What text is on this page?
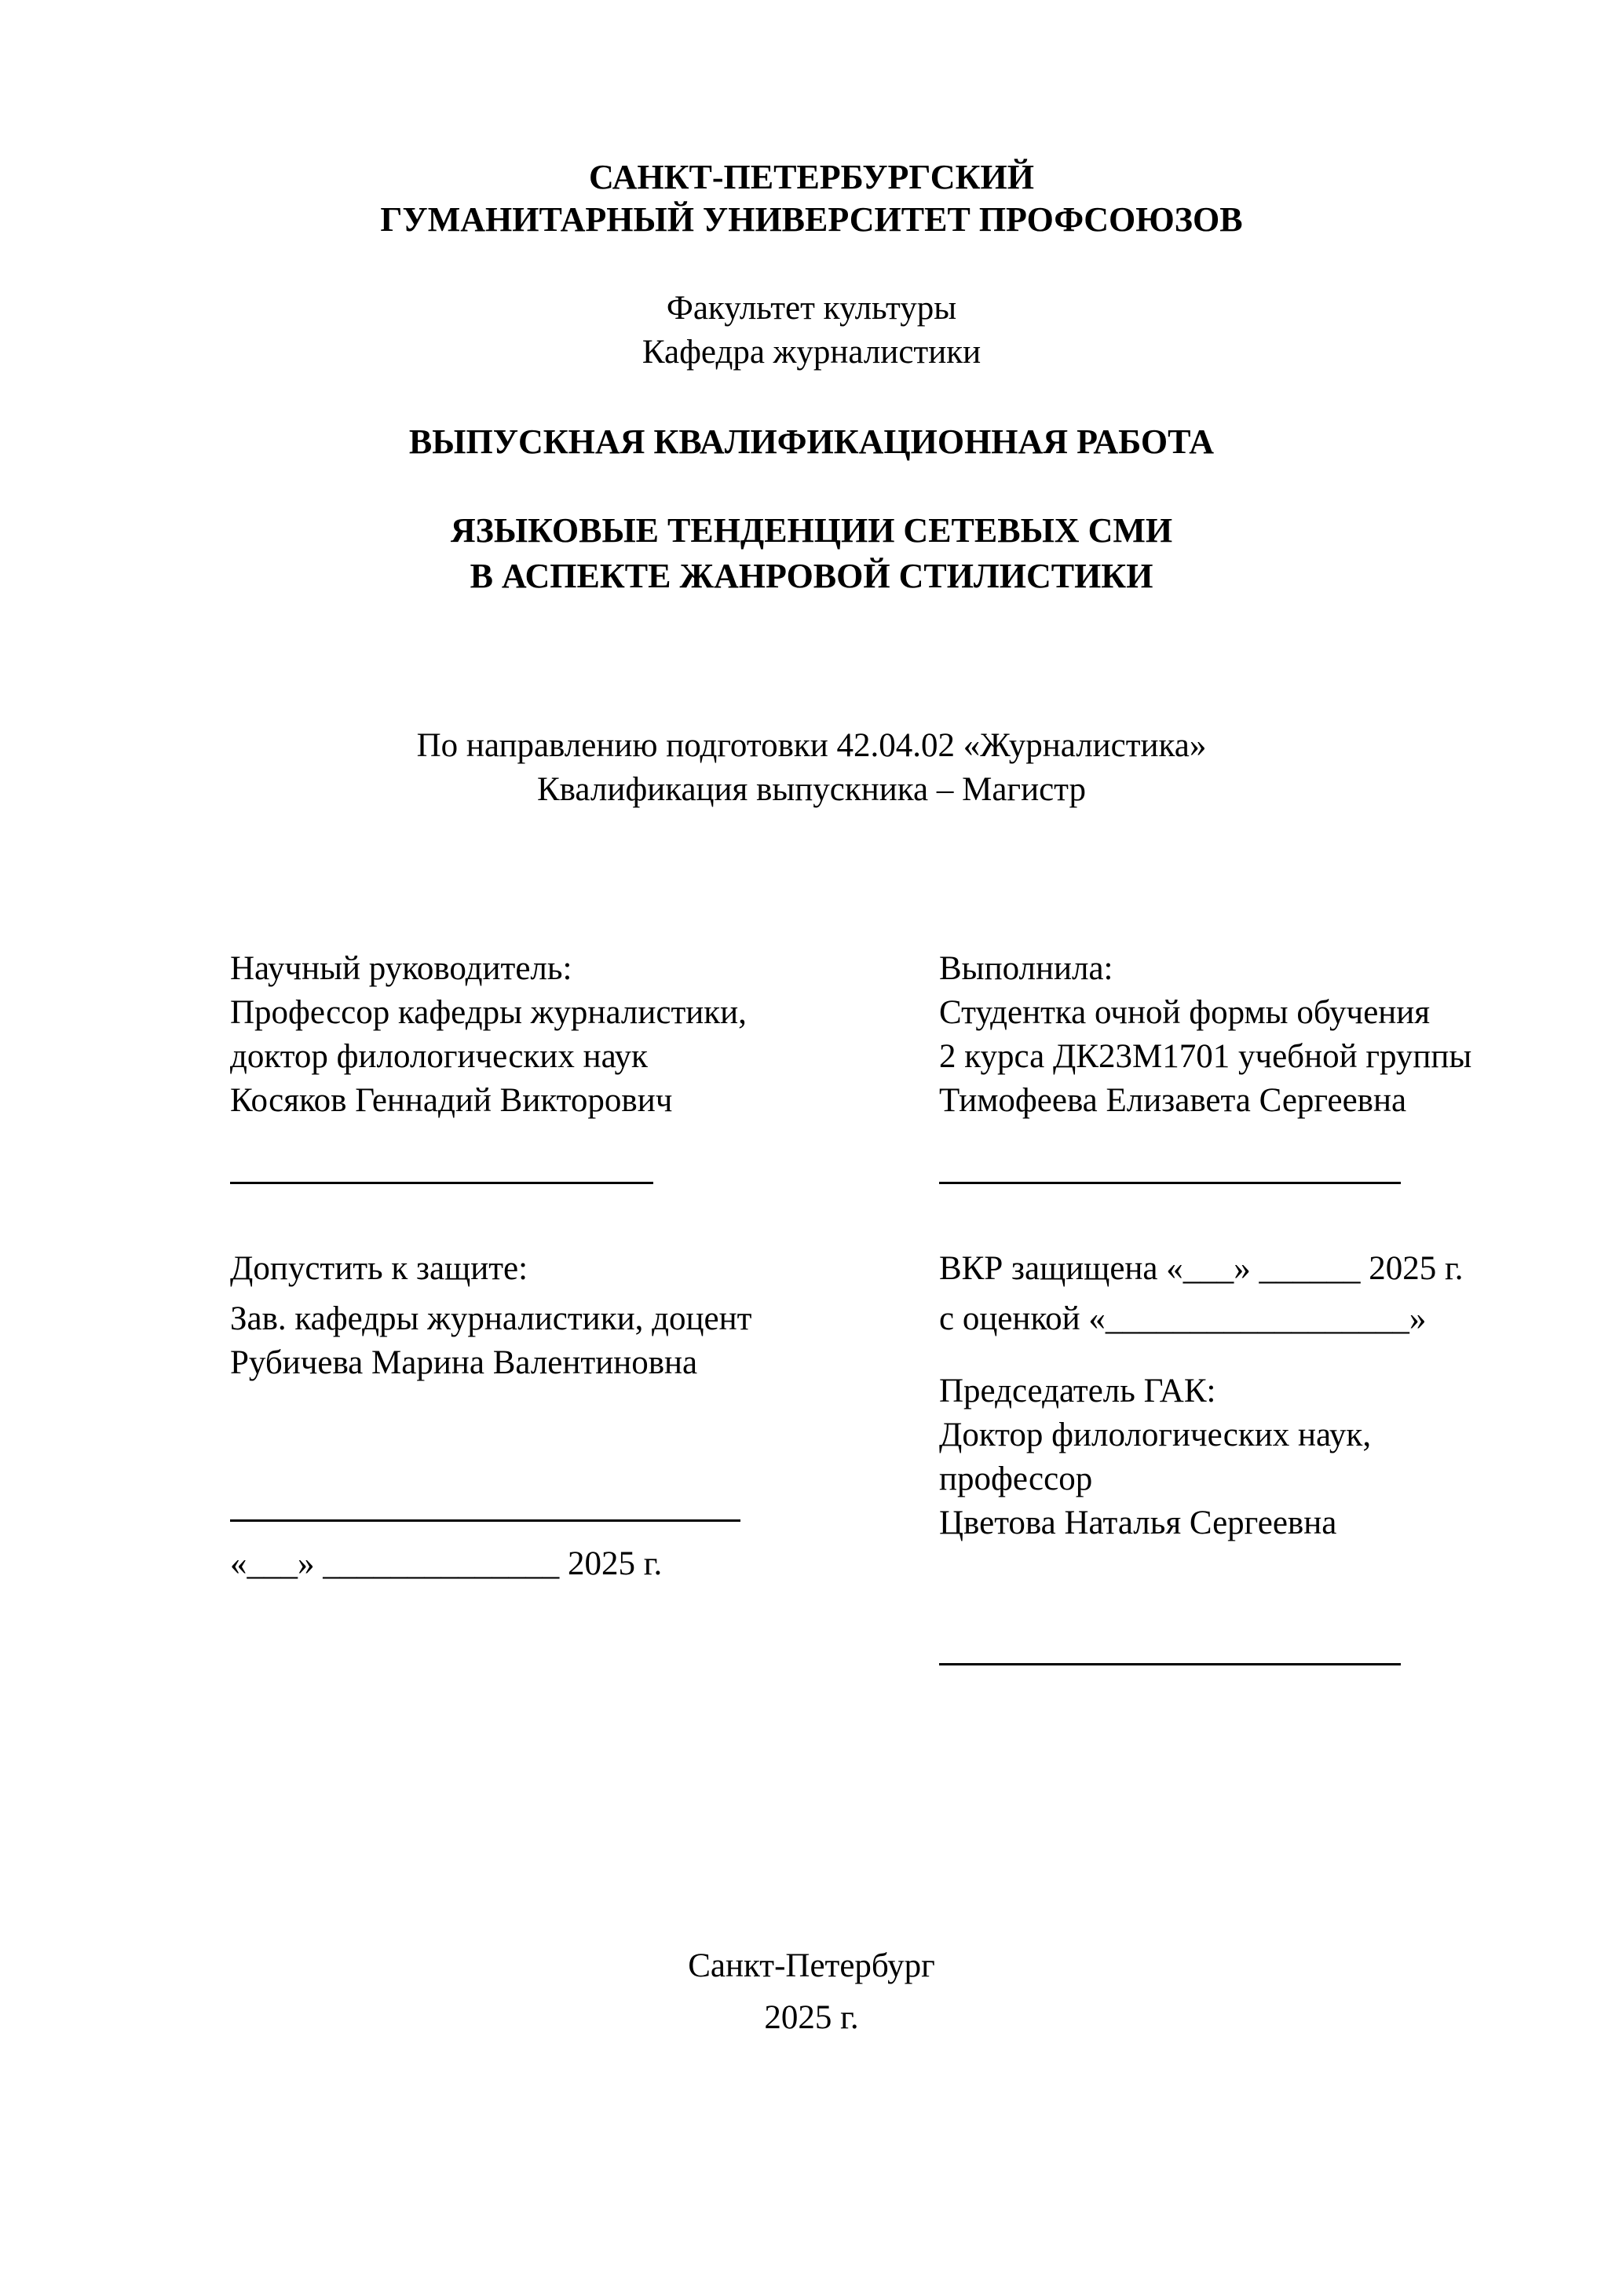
САНКТ-ПЕТЕРБУРГСКИЙ
ГУМАНИТАРНЫЙ УНИВЕРСИТЕТ ПРОФСОЮЗОВ
Факультет культуры
Кафедра журналистики
ВЫПУСКНАЯ КВАЛИФИКАЦИОННАЯ РАБОТА
ЯЗЫКОВЫЕ ТЕНДЕНЦИИ СЕТЕВЫХ СМИ
В АСПЕКТЕ ЖАНРОВОЙ СТИЛИСТИКИ
По направлению подготовки 42.04.02 «Журналистика»
Квалификация выпускника – Магистр
Научный руководитель:
Профессор кафедры журналистики,
доктор филологических наук
Косяков Геннадий Викторович
Выполнила:
Студентка очной формы обучения
2 курса ДК23М1701 учебной группы
Тимофеева Елизавета Сергеевна
Допустить к защите:
Зав. кафедры журналистики, доцент
Рубичева Марина Валентиновна
«___» ______________ 2025 г.
ВКР защищена «___» ______ 2025 г.
с оценкой «__________________»
Председатель ГАК:
Доктор филологических наук,
профессор
Цветова Наталья Сергеевна
Санкт-Петербург
2025 г.
